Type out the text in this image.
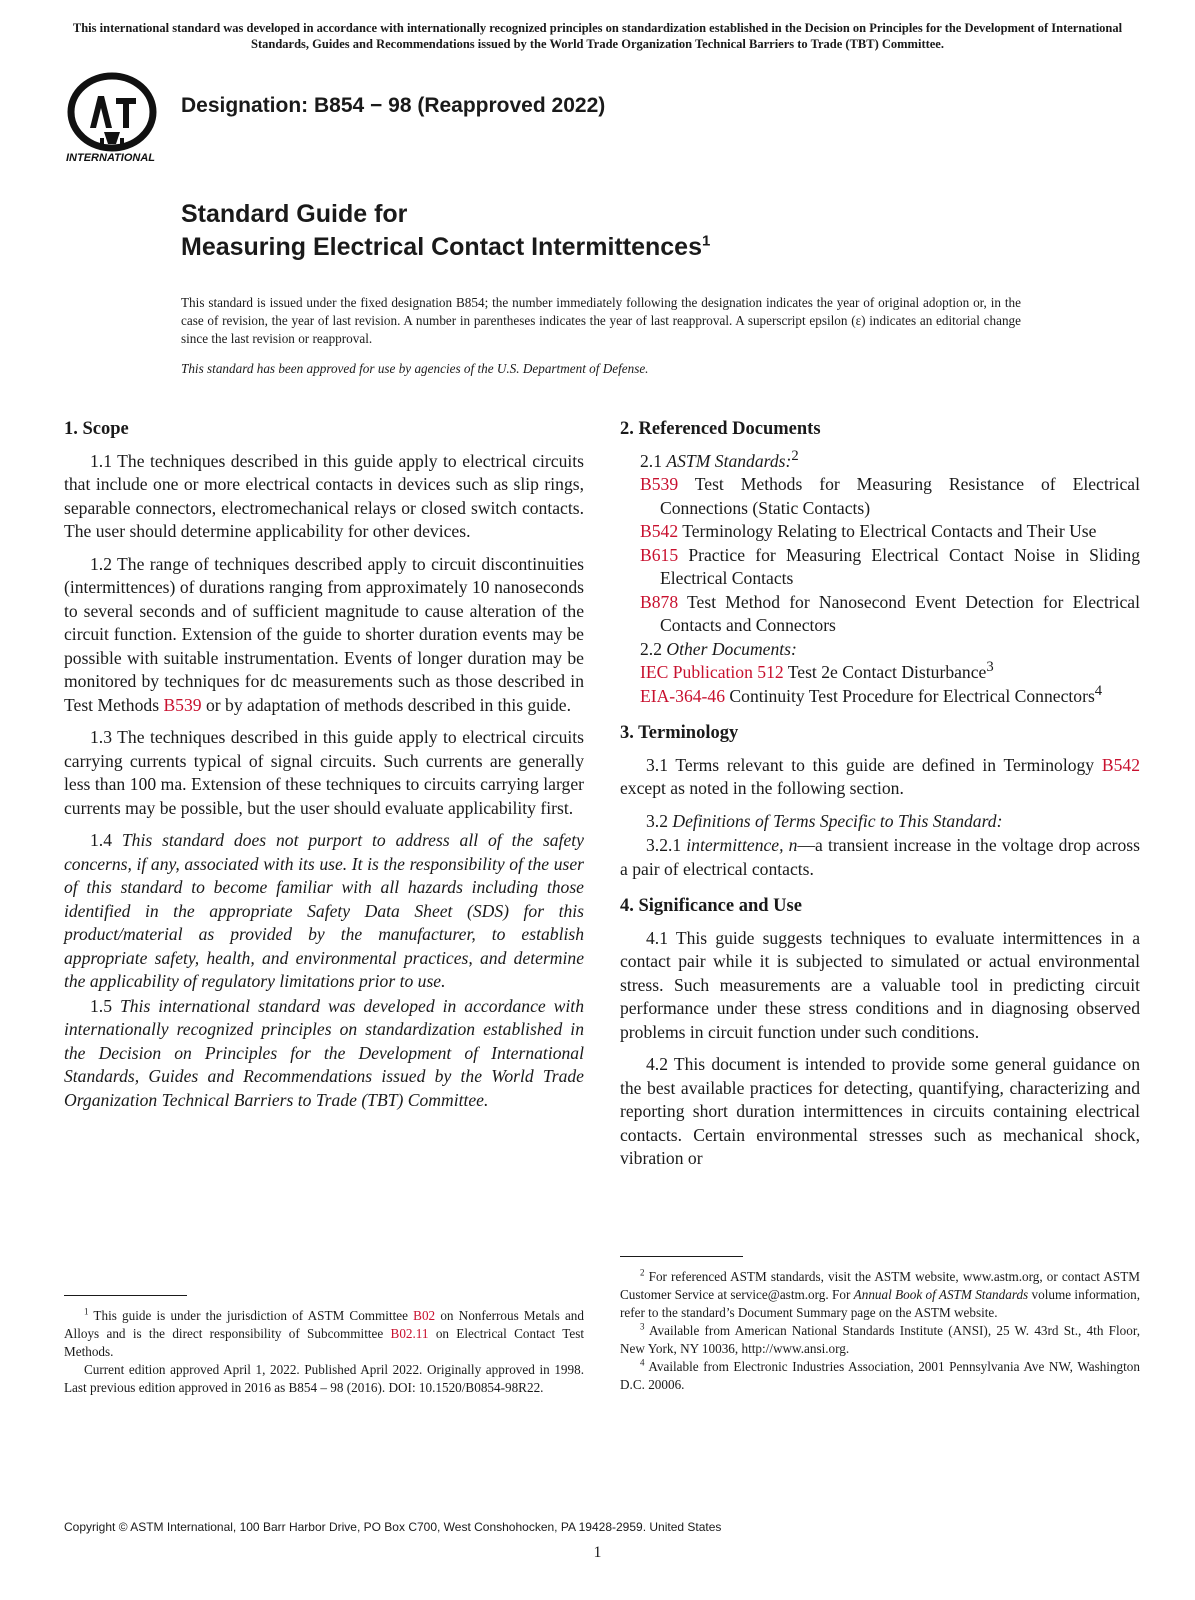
This international standard was developed in accordance with internationally recognized principles on standardization established in the Decision on Principles for the Development of International Standards, Guides and Recommendations issued by the World Trade Organization Technical Barriers to Trade (TBT) Committee.
INTERNATIONAL
Designation: B854 − 98 (Reapproved 2022)
Standard Guide for
Measuring Electrical Contact Intermittences$^1$
This standard is issued under the fixed designation B854; the number immediately following the designation indicates the year of original adoption or, in the case of revision, the year of last revision. A number in parentheses indicates the year of last reapproval. A superscript epsilon (ε) indicates an editorial change since the last revision or reapproval.
This standard has been approved for use by agencies of the U.S. Department of Defense.
1. Scope

1.1 The techniques described in this guide apply to electrical circuits that include one or more electrical contacts in devices such as slip rings, separable connectors, electromechanical relays or closed switch contacts. The user should determine applicability for other devices.

1.2 The range of techniques described apply to circuit discontinuities (intermittences) of durations ranging from approximately 10 nanoseconds to several seconds and of sufficient magnitude to cause alteration of the circuit function. Extension of the guide to shorter duration events may be possible with suitable instrumentation. Events of longer duration may be monitored by techniques for dc measurements such as those described in Test Methods B539 or by adaptation of methods described in this guide.

1.3 The techniques described in this guide apply to electrical circuits carrying currents typical of signal circuits. Such currents are generally less than 100 ma. Extension of these techniques to circuits carrying larger currents may be possible, but the user should evaluate applicability first.

1.4 This standard does not purport to address all of the safety concerns, if any, associated with its use. It is the responsibility of the user of this standard to become familiar with all hazards including those identified in the appropriate Safety Data Sheet (SDS) for this product/material as provided by the manufacturer, to establish appropriate safety, health, and environmental practices, and determine the applicability of regulatory limitations prior to use.

1.5 This international standard was developed in accordance with internationally recognized principles on standardization established in the Decision on Principles for the Development of International Standards, Guides and Recommendations issued by the World Trade Organization Technical Barriers to Trade (TBT) Committee.

$^1$ This guide is under the jurisdiction of ASTM Committee B02 on Nonferrous Metals and Alloys and is the direct responsibility of Subcommittee B02.11 on Electrical Contact Test Methods.

Current edition approved April 1, 2022. Published April 2022. Originally approved in 1998. Last previous edition approved in 2016 as B854 – 98 (2016). DOI: 10.1520/B0854-98R22.

2. Referenced Documents

2.1 ASTM Standards:$^2$

B539 Test Methods for Measuring Resistance of Electrical Connections (Static Contacts)

B542 Terminology Relating to Electrical Contacts and Their Use

B615 Practice for Measuring Electrical Contact Noise in Sliding Electrical Contacts

B878 Test Method for Nanosecond Event Detection for Electrical Contacts and Connectors

2.2 Other Documents:

IEC Publication 512 Test 2e Contact Disturbance$^3$

EIA-364-46 Continuity Test Procedure for Electrical Connectors$^4$

3. Terminology

3.1 Terms relevant to this guide are defined in Terminology B542 except as noted in the following section.

3.2 Definitions of Terms Specific to This Standard:

3.2.1 intermittence, n—a transient increase in the voltage drop across a pair of electrical contacts.

4. Significance and Use

4.1 This guide suggests techniques to evaluate intermittences in a contact pair while it is subjected to simulated or actual environmental stress. Such measurements are a valuable tool in predicting circuit performance under these stress conditions and in diagnosing observed problems in circuit function under such conditions.

4.2 This document is intended to provide some general guidance on the best available practices for detecting, quantifying, characterizing and reporting short duration intermittences in circuits containing electrical contacts. Certain environmental stresses such as mechanical shock, vibration or

$^2$ For referenced ASTM standards, visit the ASTM website, www.astm.org, or contact ASTM Customer Service at service@astm.org. For Annual Book of ASTM Standards volume information, refer to the standard’s Document Summary page on the ASTM website.

$^3$ Available from American National Standards Institute (ANSI), 25 W. 43rd St., 4th Floor, New York, NY 10036, http://www.ansi.org.

$^4$ Available from Electronic Industries Association, 2001 Pennsylvania Ave NW, Washington D.C. 20006.

Copyright © ASTM International, 100 Barr Harbor Drive, PO Box C700, West Conshohocken, PA 19428-2959. United States
1
